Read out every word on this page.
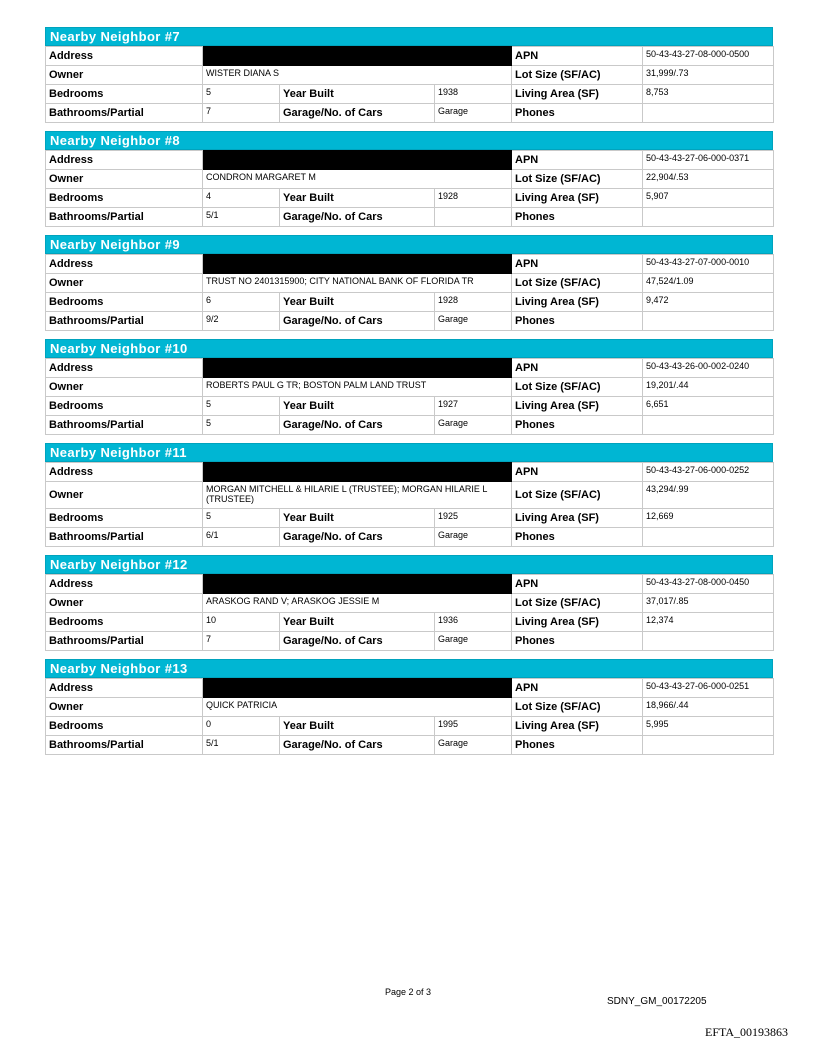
Nearby Neighbor #7
Address				APN	50-43-43-27-08-000-0500
Owner	WISTER DIANA S			Lot Size (SF/AC)	31,999/.73
Bedrooms	5	Year Built	1938	Living Area (SF)	8,753
Bathrooms/Partial	7	Garage/No. of Cars	Garage	Phones	
Nearby Neighbor #8
Address				APN	50-43-43-27-06-000-0371
Owner	CONDRON MARGARET M			Lot Size (SF/AC)	22,904/.53
Bedrooms	4	Year Built	1928	Living Area (SF)	5,907
Bathrooms/Partial	5/1	Garage/No. of Cars		Phones	
Nearby Neighbor #9
Address				APN	50-43-43-27-07-000-0010
Owner	TRUST NO 2401315900; CITY NATIONAL BANK OF FLORIDA TR			Lot Size (SF/AC)	47,524/1.09
Bedrooms	6	Year Built	1928	Living Area (SF)	9,472
Bathrooms/Partial	9/2	Garage/No. of Cars	Garage	Phones	
Nearby Neighbor #10
Address				APN	50-43-43-26-00-002-0240
Owner	ROBERTS PAUL G TR; BOSTON PALM LAND TRUST			Lot Size (SF/AC)	19,201/.44
Bedrooms	5	Year Built	1927	Living Area (SF)	6,651
Bathrooms/Partial	5	Garage/No. of Cars	Garage	Phones	
Nearby Neighbor #11
Address				APN	50-43-43-27-06-000-0252
Owner	MORGAN MITCHELL & HILARIE L (TRUSTEE); MORGAN HILARIE L (TRUSTEE)			Lot Size (SF/AC)	43,294/.99
Bedrooms	5	Year Built	1925	Living Area (SF)	12,669
Bathrooms/Partial	6/1	Garage/No. of Cars	Garage	Phones	
Nearby Neighbor #12
Address				APN	50-43-43-27-08-000-0450
Owner	ARASKOG RAND V; ARASKOG JESSIE M			Lot Size (SF/AC)	37,017/.85
Bedrooms	10	Year Built	1936	Living Area (SF)	12,374
Bathrooms/Partial	7	Garage/No. of Cars	Garage	Phones	
Nearby Neighbor #13
Address				APN	50-43-43-27-06-000-0251
Owner	QUICK PATRICIA			Lot Size (SF/AC)	18,966/.44
Bedrooms	0	Year Built	1995	Living Area (SF)	5,995
Bathrooms/Partial	5/1	Garage/No. of Cars	Garage	Phones	
Page 2 of 3
SDNY_GM_00172205
EFTA_00193863
